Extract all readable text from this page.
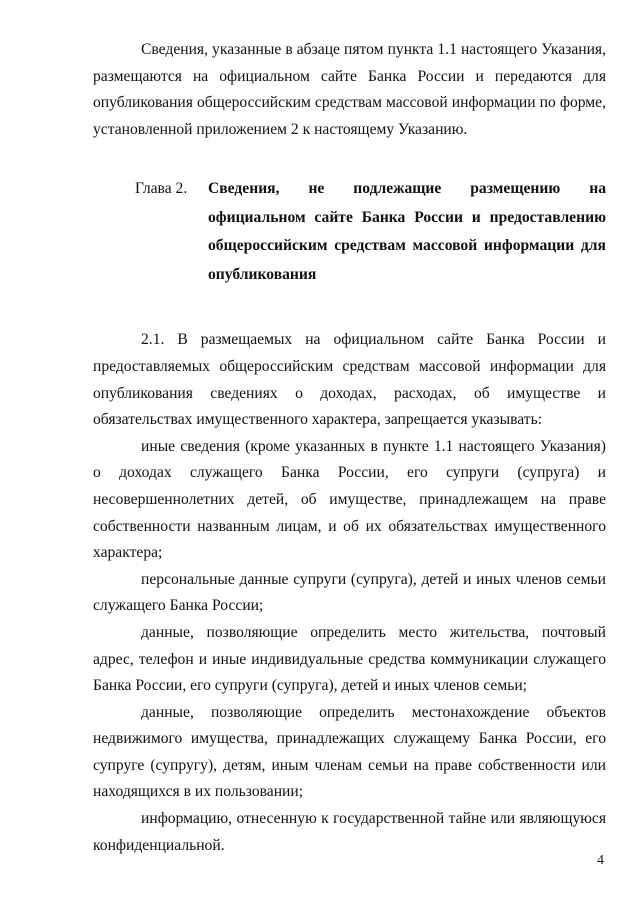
Сведения, указанные в абзаце пятом пункта 1.1 настоящего Указания, размещаются на официальном сайте Банка России и передаются для опубликования общероссийским средствам массовой информации по форме, установленной приложением 2 к настоящему Указанию.

Глава 2. Сведения, не подлежащие размещению на официальном сайте Банка России и предоставлению общероссийским средствам массовой информации для опубликования

2.1. В размещаемых на официальном сайте Банка России и предоставляемых общероссийским средствам массовой информации для опубликования сведениях о доходах, расходах, об имуществе и обязательствах имущественного характера, запрещается указывать:

иные сведения (кроме указанных в пункте 1.1 настоящего Указания) о доходах служащего Банка России, его супруги (супруга) и несовершеннолетних детей, об имуществе, принадлежащем на праве собственности названным лицам, и об их обязательствах имущественного характера;

персональные данные супруги (супруга), детей и иных членов семьи служащего Банка России;

данные, позволяющие определить место жительства, почтовый адрес, телефон и иные индивидуальные средства коммуникации служащего Банка России, его супруги (супруга), детей и иных членов семьи;

данные, позволяющие определить местонахождение объектов недвижимого имущества, принадлежащих служащему Банка России, его супруге (супругу), детям, иным членам семьи на праве собственности или находящихся в их пользовании;

информацию, отнесенную к государственной тайне или являющуюся конфиденциальной.

4
